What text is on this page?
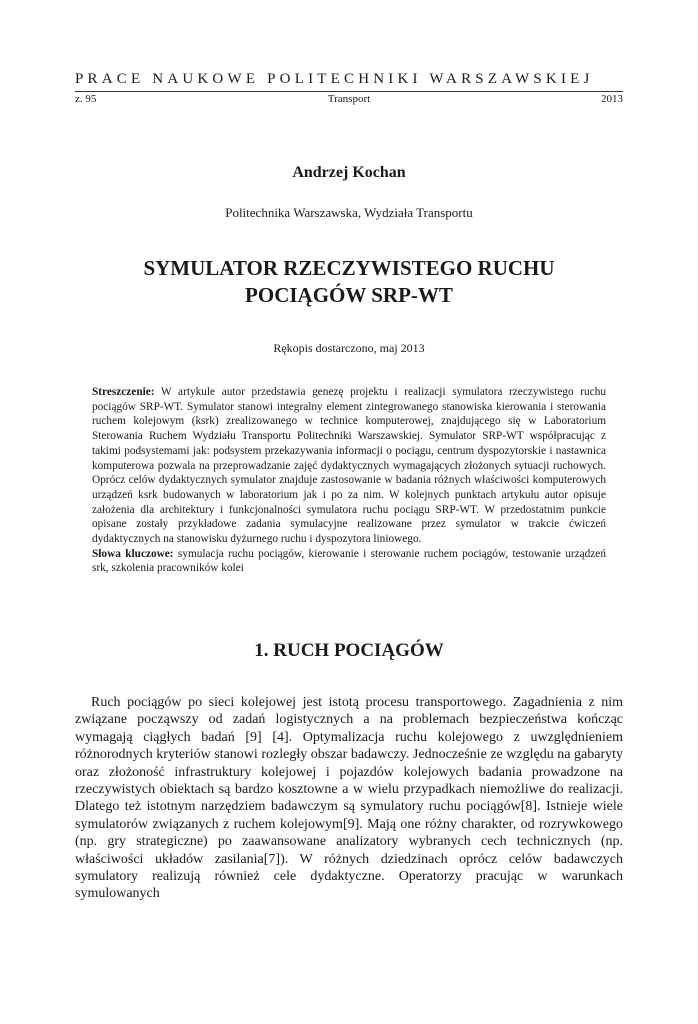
PRACE NAUKOWE POLITECHNIKI WARSZAWSKIEJ
z. 95	Transport	2013
Andrzej Kochan
Politechnika Warszawska, Wydziała Transportu
SYMULATOR RZECZYWISTEGO RUCHU
POCIĄGÓW SRP-WT
Rękopis dostarczono, maj 2013

Streszczenie: W artykule autor przedstawia genezę projektu i realizacji symulatora rzeczywistego ruchu pociągów SRP-WT. Symulator stanowi integralny element zintegrowanego stanowiska kierowania i sterowania ruchem kolejowym (ksrk) zrealizowanego w technice komputerowej, znajdującego się w Laboratorium Sterowania Ruchem Wydziału Transportu Politechniki Warszawskiej. Symulator SRP-WT współpracując z takimi podsystemami jak: podsystem przekazywania informacji o pociągu, centrum dyspozytorskie i nastawnica komputerowa pozwala na przeprowadzanie zajęć dydaktycznych wymagających złożonych sytuacji ruchowych. Oprócz celów dydaktycznych symulator znajduje zastosowanie w badania różnych właściwości komputerowych urządzeń ksrk budowanych w laboratorium jak i po za nim. W kolejnych punktach artykułu autor opisuje założenia dla architektury i funkcjonalności symulatora ruchu pociągu SRP-WT. W przedostatnim punkcie opisane zostały przykładowe zadania symulacyjne realizowane przez symulator w trakcie ćwiczeń dydaktycznych na stanowisku dyżurnego ruchu i dyspozytora liniowego.

Słowa kluczowe: symulacja ruchu pociągów, kierowanie i sterowanie ruchem pociągów, testowanie urządzeń srk, szkolenia pracowników kolei

1. RUCH POCIĄGÓW

Ruch pociągów po sieci kolejowej jest istotą procesu transportowego. Zagadnienia z nim związane począwszy od zadań logistycznych a na problemach bezpieczeństwa kończąc wymagają ciągłych badań [9] [4]. Optymalizacja ruchu kolejowego z uwzględnieniem różnorodnych kryteriów stanowi rozległy obszar badawczy. Jednocześnie ze względu na gabaryty oraz złożoność infrastruktury kolejowej i pojazdów kolejowych badania prowadzone na rzeczywistych obiektach są bardzo kosztowne a w wielu przypadkach niemożliwe do realizacji. Dlatego też istotnym narzędziem badawczym są symulatory ruchu pociągów[8]. Istnieje wiele symulatorów związanych z ruchem kolejowym[9]. Mają one różny charakter, od rozrywkowego (np. gry strategiczne) po zaawansowane analizatory wybranych cech technicznych (np. właściwości układów zasilania[7]). W różnych dziedzinach oprócz celów badawczych symulatory realizują również cele dydaktyczne. Operatorzy pracując w warunkach symulowanych
